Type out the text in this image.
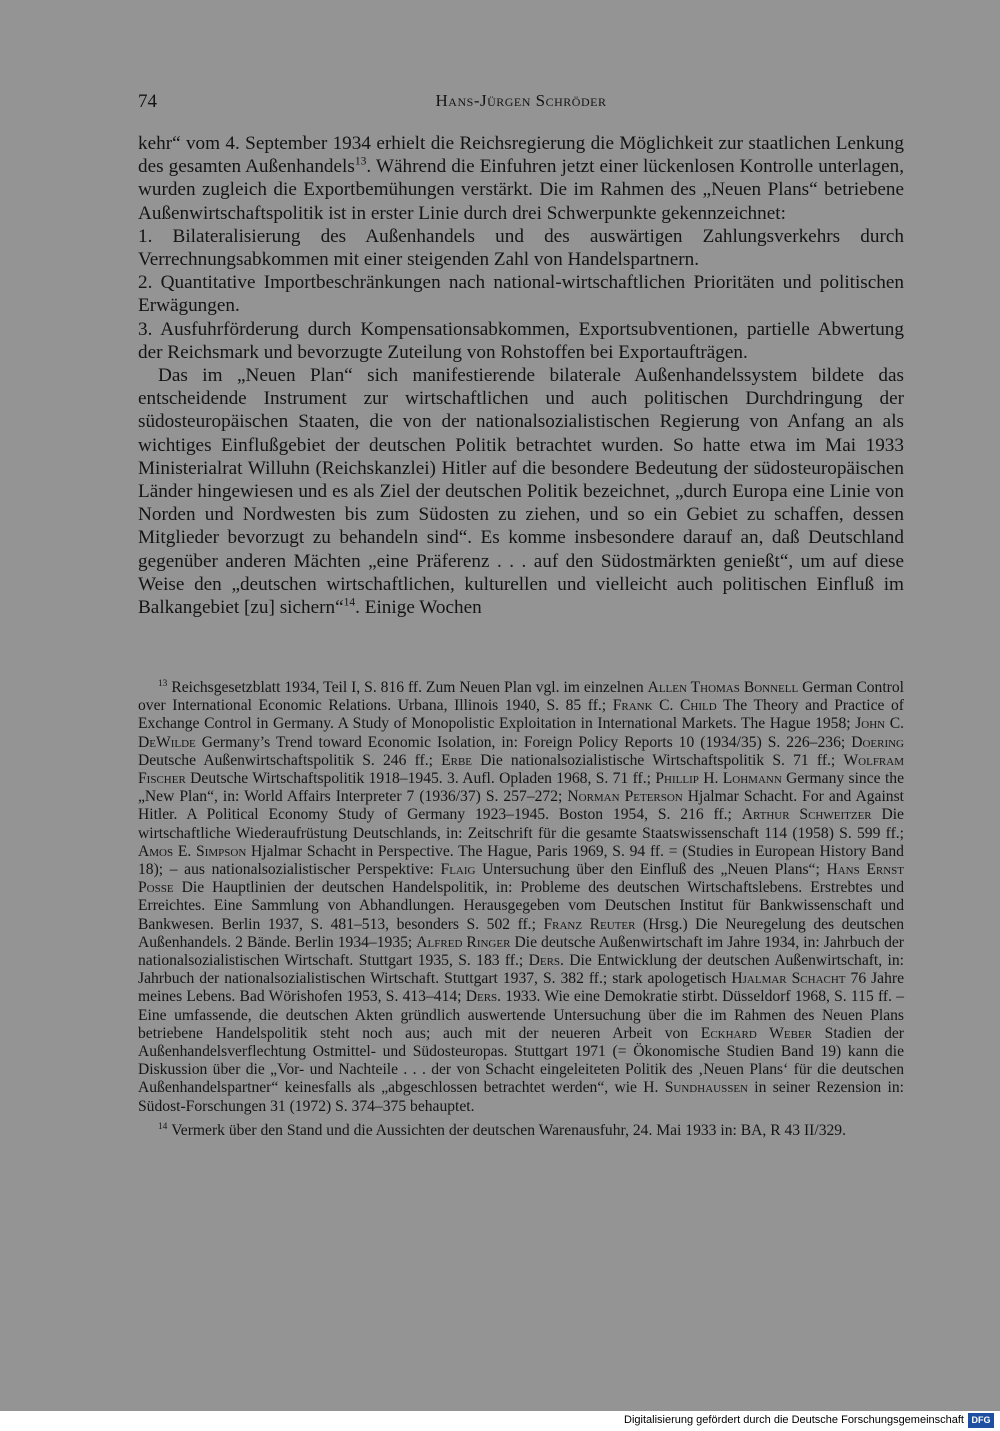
74	Hans-Jürgen Schröder

kehr“ vom 4. September 1934 erhielt die Reichsregierung die Möglichkeit zur staatlichen Lenkung des gesamten Außenhandels$^{13}$. Während die Einfuhren jetzt einer lückenlosen Kontrolle unterlagen, wurden zugleich die Exportbemühungen verstärkt. Die im Rahmen des „Neuen Plans“ betriebene Außenwirtschaftspolitik ist in erster Linie durch drei Schwerpunkte gekennzeichnet:

1. Bilateralisierung des Außenhandels und des auswärtigen Zahlungsverkehrs durch Verrechnungsabkommen mit einer steigenden Zahl von Handelspartnern.

2. Quantitative Importbeschränkungen nach national-wirtschaftlichen Prioritäten und politischen Erwägungen.

3. Ausfuhrförderung durch Kompensationsabkommen, Exportsubventionen, partielle Abwertung der Reichsmark und bevorzugte Zuteilung von Rohstoffen bei Exportaufträgen.

Das im „Neuen Plan“ sich manifestierende bilaterale Außenhandelssystem bildete das entscheidende Instrument zur wirtschaftlichen und auch politischen Durchdringung der südosteuropäischen Staaten, die von der nationalsozialistischen Regierung von Anfang an als wichtiges Einflußgebiet der deutschen Politik betrachtet wurden. So hatte etwa im Mai 1933 Ministerialrat Willuhn (Reichskanzlei) Hitler auf die besondere Bedeutung der südosteuropäischen Länder hingewiesen und es als Ziel der deutschen Politik bezeichnet, „durch Europa eine Linie von Norden und Nordwesten bis zum Südosten zu ziehen, und so ein Gebiet zu schaffen, dessen Mitglieder bevorzugt zu behandeln sind“. Es komme insbesondere darauf an, daß Deutschland gegenüber anderen Mächten „eine Präferenz . . . auf den Südostmärkten genießt“, um auf diese Weise den „deutschen wirtschaftlichen, kulturellen und vielleicht auch politischen Einfluß im Balkangebiet [zu] sichern“$^{14}$. Einige Wochen

$^{13}$ Reichsgesetzblatt 1934, Teil I, S. 816 ff. Zum Neuen Plan vgl. im einzelnen Allen Thomas Bonnell German Control over International Economic Relations. Urbana, Illinois 1940, S. 85 ff.; Frank C. Child The Theory and Practice of Exchange Control in Germany. A Study of Monopolistic Exploitation in International Markets. The Hague 1958; John C. DeWilde Germany’s Trend toward Economic Isolation, in: Foreign Policy Reports 10 (1934/35) S. 226–236; Doering Deutsche Außenwirtschaftspolitik S. 246 ff.; Erbe Die nationalsozialistische Wirtschaftspolitik S. 71 ff.; Wolfram Fischer Deutsche Wirtschaftspolitik 1918–1945. 3. Aufl. Opladen 1968, S. 71 ff.; Phillip H. Lohmann Germany since the „New Plan“, in: World Affairs Interpreter 7 (1936/37) S. 257–272; Norman Peterson Hjalmar Schacht. For and Against Hitler. A Political Economy Study of Germany 1923–1945. Boston 1954, S. 216 ff.; Arthur Schweitzer Die wirtschaftliche Wiederaufrüstung Deutschlands, in: Zeitschrift für die gesamte Staatswissenschaft 114 (1958) S. 599 ff.; Amos E. Simpson Hjalmar Schacht in Perspective. The Hague, Paris 1969, S. 94 ff. = (Studies in European History Band 18); – aus nationalsozialistischer Perspektive: Flaig Untersuchung über den Einfluß des „Neuen Plans“; Hans Ernst Posse Die Hauptlinien der deutschen Handelspolitik, in: Probleme des deutschen Wirtschaftslebens. Erstrebtes und Erreichtes. Eine Sammlung von Abhandlungen. Herausgegeben vom Deutschen Institut für Bankwissenschaft und Bankwesen. Berlin 1937, S. 481–513, besonders S. 502 ff.; Franz Reuter (Hrsg.) Die Neuregelung des deutschen Außenhandels. 2 Bände. Berlin 1934–1935; Alfred Ringer Die deutsche Außenwirtschaft im Jahre 1934, in: Jahrbuch der nationalsozialistischen Wirtschaft. Stuttgart 1935, S. 183 ff.; Ders. Die Entwicklung der deutschen Außenwirtschaft, in: Jahrbuch der nationalsozialistischen Wirtschaft. Stuttgart 1937, S. 382 ff.; stark apologetisch Hjalmar Schacht 76 Jahre meines Lebens. Bad Wörishofen 1953, S. 413–414; Ders. 1933. Wie eine Demokratie stirbt. Düsseldorf 1968, S. 115 ff. – Eine umfassende, die deutschen Akten gründlich auswertende Untersuchung über die im Rahmen des Neuen Plans betriebene Handelspolitik steht noch aus; auch mit der neueren Arbeit von Eckhard Weber Stadien der Außenhandelsverflechtung Ostmittel- und Südosteuropas. Stuttgart 1971 (= Ökonomische Studien Band 19) kann die Diskussion über die „Vor- und Nachteile . . . der von Schacht eingeleiteten Politik des ‚Neuen Plans‘ für die deutschen Außenhandelspartner“ keinesfalls als „abgeschlossen betrachtet werden“, wie H. Sundhaussen in seiner Rezension in: Südost-Forschungen 31 (1972) S. 374–375 behauptet.

$^{14}$ Vermerk über den Stand und die Aussichten der deutschen Warenausfuhr, 24. Mai 1933 in: BA, R 43 II/329.

Digitalisierung gefördert durch die Deutsche Forschungsgemeinschaft DFG
